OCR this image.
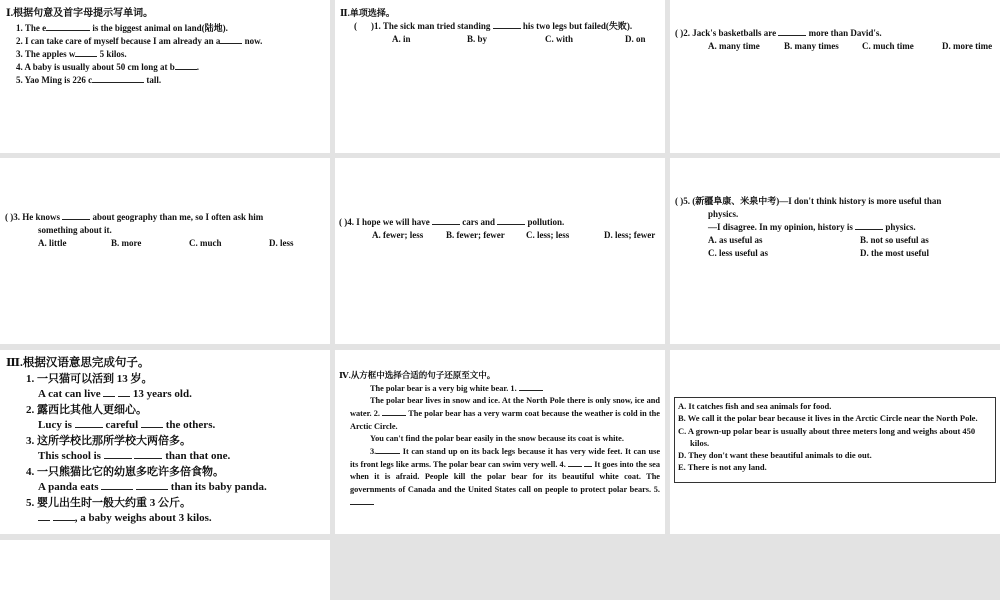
Ⅰ.根据句意及首字母提示写单词。
1. The e	is the biggest animal on land(陆地).
2. I can take care of myself because I am already an a	now.
3. The apples w	5 kilos.
4. A baby is usually about 50 cm long at b .
5. Yao Ming is 226 c	tall.
Ⅱ.单项选择。
( )1. The sick man tried standing	his two legs but failed(失败).
A. in	B. by	C. with	D. on
( )2. Jack's basketballs are	more than David's.
A. many time	B. many times	C. much time	D. more time
( )3. He knows	about geography than me, so I often ask him
something about it.
A. little	B. more	C. much	D. less
( )4. I hope we will have	cars and	pollution.
A. fewer; less	B. fewer; fewer C. less; less	D. less; fewer
( )5. (新疆阜康、米泉中考)—I don't think history is more useful than
physics.
—I disagree. In my opinion, history is	physics.
A. as useful as	B. not so useful as
C. less useful as	D. the most useful
Ⅲ.根据汉语意思完成句子。
1. 一只猫可以活到 13 岁。
A cat can live	13 years old.
2. 露西比其他人更细心。
Lucy is	careful	the others.
3. 这所学校比那所学校大两倍多。
This school is	than that one.
4. 一只熊猫比它的幼崽多吃许多倍食物。
A panda eats	than its baby panda.
5. 婴儿出生时一般大约重 3 公斤。
, a baby weighs about 3 kilos.
Ⅳ.从方框中选择合适的句子还原至文中。
The polar bear is a very big white bear. 1.
The polar bear lives in snow and ice. At the North Pole there is only snow, ice and water. 2.	The polar bear has a very warm coat because the weather is cold in the Arctic Circle.
You can't find the polar bear easily in the snow because its coat is white.
3.	It can stand up on its back legs because it has very wide feet. It can use its front legs like arms. The polar bear can swim very well. 4.	It goes into the sea when it is afraid. People kill the polar bear for its beautiful white coat. The governments of Canada and the United States call on people to protect polar bears. 5.
A. It catches fish and sea animals for food.
B. We call it the polar bear because it lives in the Arctic Circle near the North Pole.
C. A grown-up polar bear is usually about three meters long and weighs about 450 kilos.
D. They don't want these beautiful animals to die out.
E. There is not any land.
